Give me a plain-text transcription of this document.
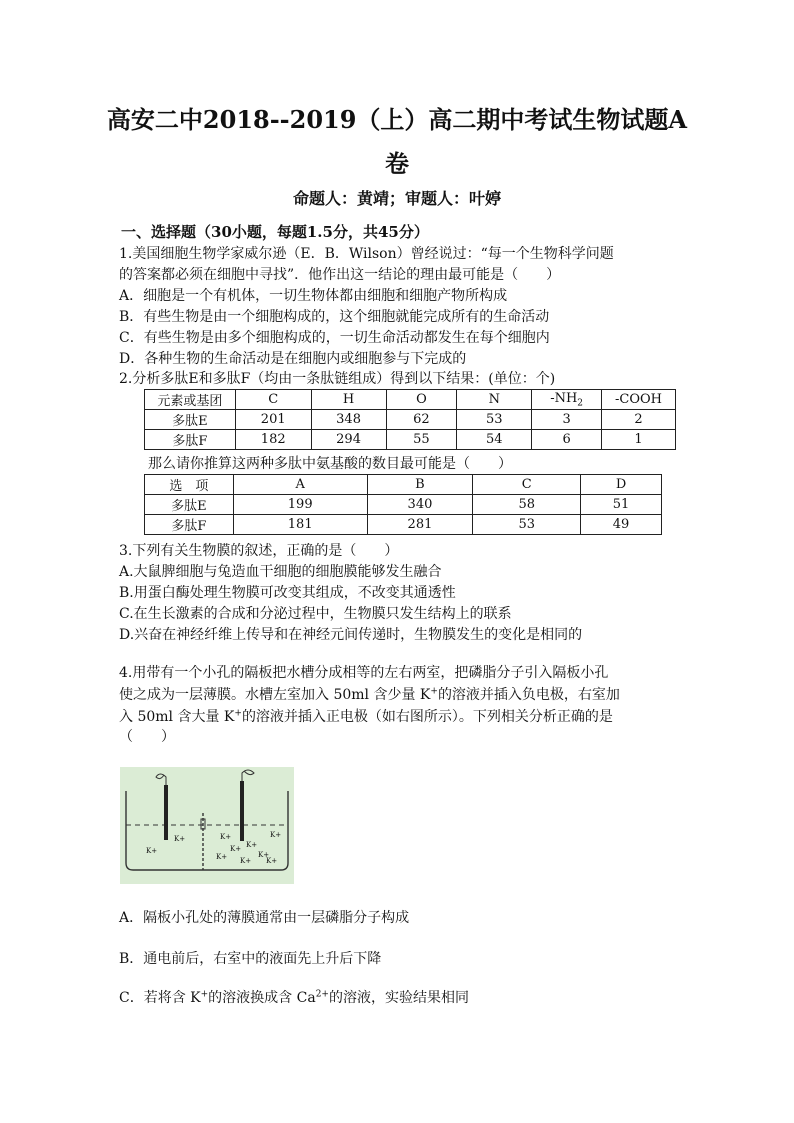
高安二中2018--2019（上）高二期中考试生物试题A
卷
命题人：黄靖；审题人：叶婷
一、选择题（30小题，每题1.5分，共45分）
1.美国细胞生物学家威尔逊（E．B．Wilson）曾经说过：“每一个生物科学问题
的答案都必须在细胞中寻找”．他作出这一结论的理由最可能是（　　）
A．细胞是一个有机体，一切生物体都由细胞和细胞产物所构成
B．有些生物是由一个细胞构成的，这个细胞就能完成所有的生命活动
C．有些生物是由多个细胞构成的，一切生命活动都发生在每个细胞内
D．各种生物的生命活动是在细胞内或细胞参与下完成的
2.分析多肽E和多肽F（均由一条肽链组成）得到以下结果：(单位：个)
元素或基团	C	H	O	N	$-NH_2$	-COOH
多肽E	201	348	62	53	3	2
多肽F	182	294	55	54	6	1
那么请你推算这两种多肽中氨基酸的数目最可能是（　　）
选　项	A	B	C	D
多肽E	199	340	58	51
多肽F	181	281	53	49
3.下列有关生物膜的叙述，正确的是（　　）
A.大鼠脾细胞与兔造血干细胞的细胞膜能够发生融合
B.用蛋白酶处理生物膜可改变其组成，不改变其通透性
C.在生长激素的合成和分泌过程中，生物膜只发生结构上的联系
D.兴奋在神经纤维上传导和在神经元间传递时，生物膜发生的变化是相同的
4.用带有一个小孔的隔板把水槽分成相等的左右两室，把磷脂分子引入隔板小孔
使之成为一层薄膜。水槽左室加入 50ml 含少量 K+的溶液并插入负电极，右室加
入 50ml 含大量 K+的溶液并插入正电极（如右图所示）。下列相关分析正确的是
（　　）
K+
K+	K+
K+
K+ K+
K+
K+
K+ K+
A．隔板小孔处的薄膜通常由一层磷脂分子构成
B．通电前后，右室中的液面先上升后下降
C．若将含 K+的溶液换成含 $Ca^{2+}$的溶液，实验结果相同
